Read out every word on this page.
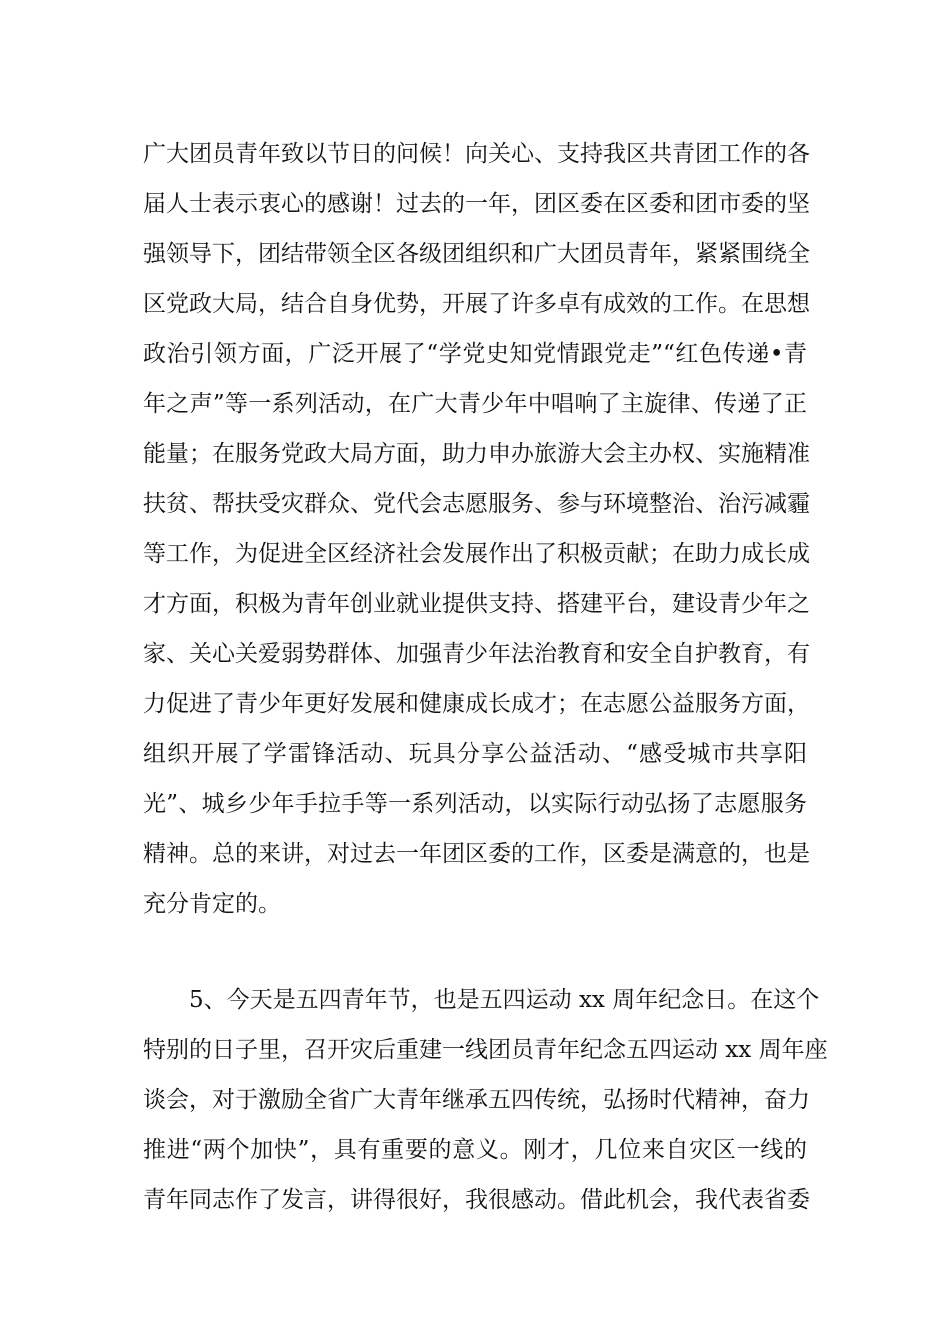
广大团员青年致以节日的问候！向关心、支持我区共青团工作的各
届人士表示衷心的感谢！过去的一年，团区委在区委和团市委的坚
强领导下，团结带领全区各级团组织和广大团员青年，紧紧围绕全
区党政大局，结合自身优势，开展了许多卓有成效的工作。在思想
政治引领方面，广泛开展了“学党史知党情跟党走”“红色传递•青
年之声”等一系列活动，在广大青少年中唱响了主旋律、传递了正
能量；在服务党政大局方面，助力申办旅游大会主办权、实施精准
扶贫、帮扶受灾群众、党代会志愿服务、参与环境整治、治污减霾
等工作，为促进全区经济社会发展作出了积极贡献；在助力成长成
才方面，积极为青年创业就业提供支持、搭建平台，建设青少年之
家、关心关爱弱势群体、加强青少年法治教育和安全自护教育，有
力促进了青少年更好发展和健康成长成才；在志愿公益服务方面，
组织开展了学雷锋活动、玩具分享公益活动、“感受城市共享阳
光”、城乡少年手拉手等一系列活动，以实际行动弘扬了志愿服务
精神。总的来讲，对过去一年团区委的工作，区委是满意的，也是
充分肯定的。
5、今天是五四青年节，也是五四运动 xx 周年纪念日。在这个
特别的日子里，召开灾后重建一线团员青年纪念五四运动 xx 周年座
谈会，对于激励全省广大青年继承五四传统，弘扬时代精神，奋力
推进“两个加快”，具有重要的意义。刚才，几位来自灾区一线的
青年同志作了发言，讲得很好，我很感动。借此机会，我代表省委
